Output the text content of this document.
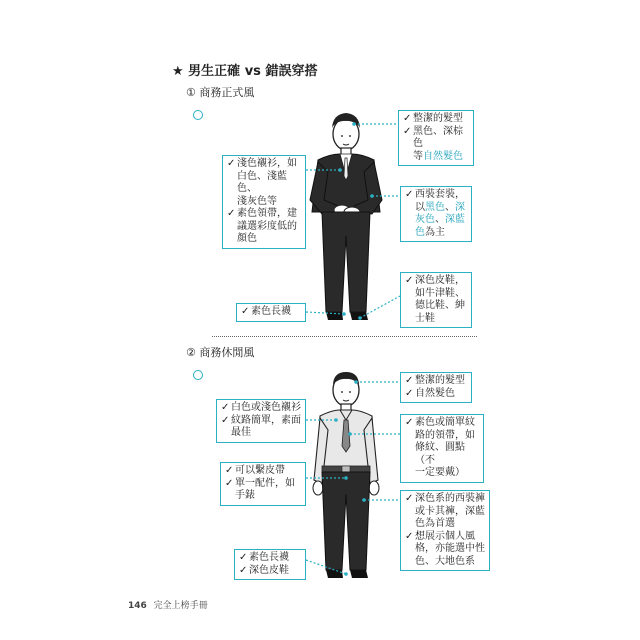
★ 男生正確 vs 錯誤穿搭
① 商務正式風
② 商務休閒風
✓ 整潔的髮型
✓ 黑色、深棕色
等 自然髮色
✓ 淺色襯衫，如
白色、淺藍色、
淺灰色等
✓ 素色領帶，建
議選彩度低的
顏色
✓ 西裝套裝，
以 黑色 、 深
灰色 、 深藍
色 為主
✓ 深色皮鞋，
如牛津鞋、
德比鞋、紳
士鞋
✓ 素色長襪
✓ 整潔的髮型
✓ 自然髮色
✓ 白色或淺色襯衫
✓ 紋路簡單，素面
最佳
✓ 素色或簡單紋
路的領帶，如
條紋、圓點（不
一定要戴）
✓ 可以繫皮帶
✓ 單一配件，如
手錶	✓ 深色系的西裝褲
或卡其褲，深藍
色為首選
✓ 想展示個人風
格，亦能選中性
色、大地色系
✓ 素色長襪
✓ 深色皮鞋
146 完全上榜手冊
